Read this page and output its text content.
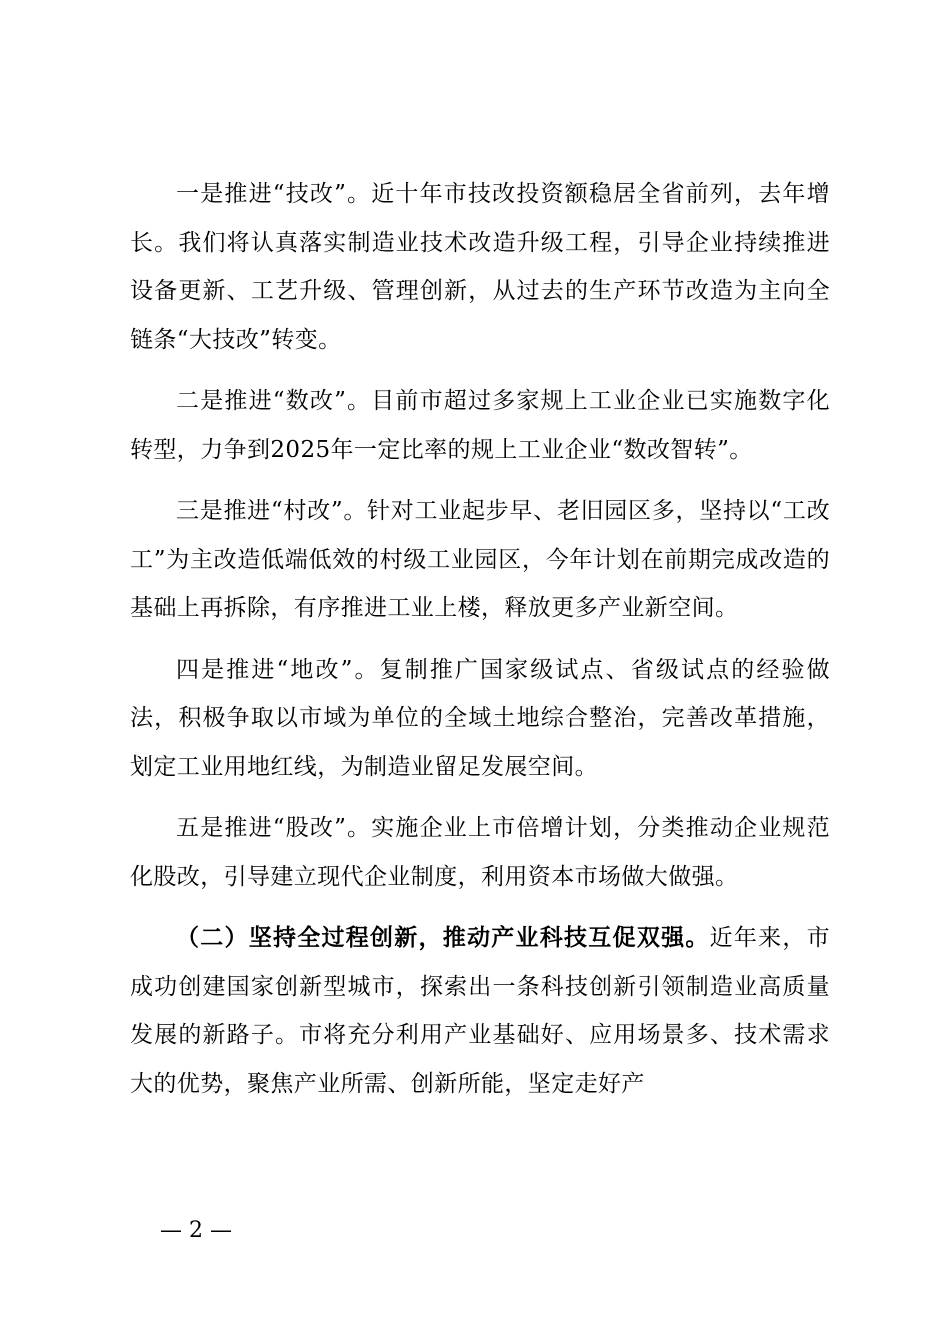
一是推进“技改”。近十年市技改投资额稳居全省前列，去年增长。我们将认真落实制造业技术改造升级工程，引导企业持续推进设备更新、工艺升级、管理创新，从过去的生产环节改造为主向全链条“大技改”转变。

二是推进“数改”。目前市超过多家规上工业企业已实施数字化转型，力争到2025年一定比率的规上工业企业“数改智转”。

三是推进“村改”。针对工业起步早、老旧园区多，坚持以“工改工”为主改造低端低效的村级工业园区，今年计划在前期完成改造的基础上再拆除，有序推进工业上楼，释放更多产业新空间。

四是推进“地改”。复制推广国家级试点、省级试点的经验做法，积极争取以市域为单位的全域土地综合整治，完善改革措施，划定工业用地红线，为制造业留足发展空间。

五是推进“股改”。实施企业上市倍增计划，分类推动企业规范化股改，引导建立现代企业制度，利用资本市场做大做强。

（二）坚持全过程创新，推动产业科技互促双强。近年来，市成功创建国家创新型城市，探索出一条科技创新引领制造业高质量发展的新路子。市将充分利用产业基础好、应用场景多、技术需求大的优势，聚焦产业所需、创新所能，坚定走好产

— 2 —
